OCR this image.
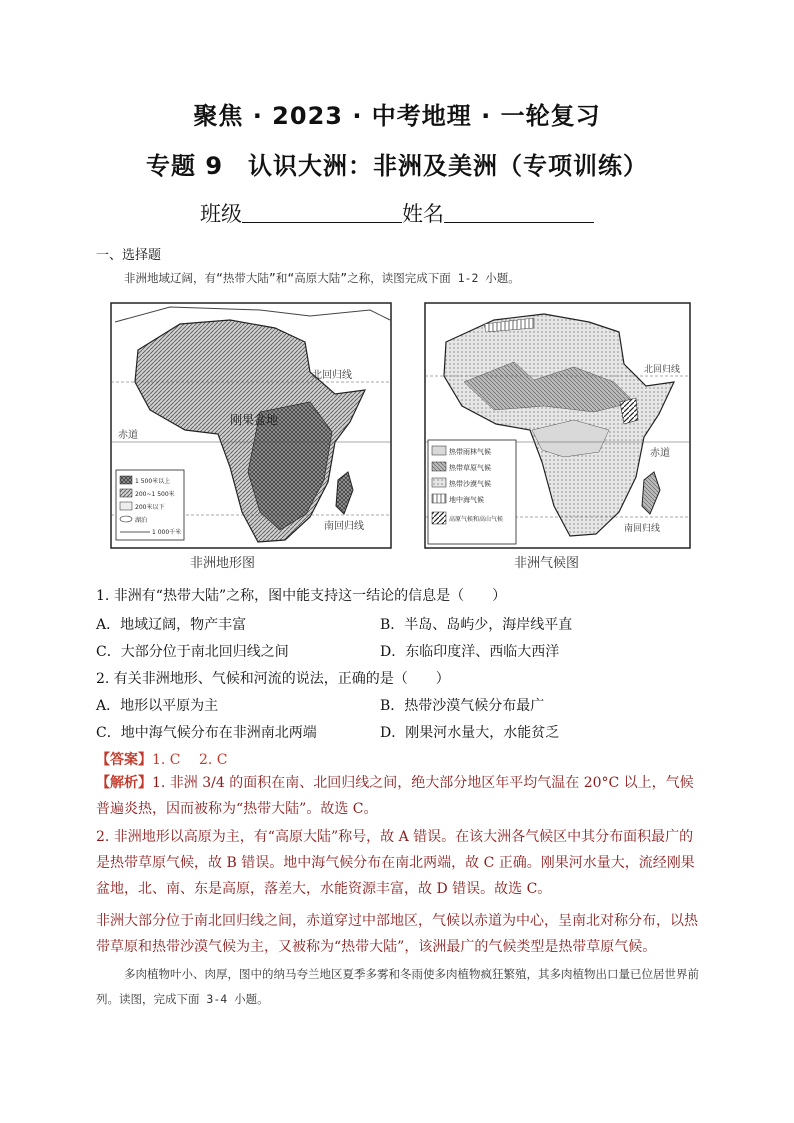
聚焦 · 2023 · 中考地理 · 一轮复习
专题 9　认识大洲：非洲及美洲（专项训练）
班级	姓名
一、选择题
非洲地域辽阔，有“热带大陆”和“高原大陆”之称，读图完成下面 1-2 小题。
北回归线
赤道
南回归线
刚果盆地
1 500米以上
200~1 500米
200米以下
湖泊
1 000千米
非洲地形图
北回归线
赤道
南回归线
热带雨林气候
热带草原气候
热带沙漠气候
地中海气候
高原气候和高山气候
非洲气候图
1. 非洲有“热带大陆”之称，图中能支持这一结论的信息是（　　）
A．地域辽阔，物产丰富	B．半岛、岛屿少，海岸线平直
C．大部分位于南北回归线之间	D．东临印度洋、西临大西洋
2. 有关非洲地形、气候和河流的说法，正确的是（　　）
A．地形以平原为主	B．热带沙漠气候分布最广
C．地中海气候分布在非洲南北两端	D．刚果河水量大，水能贫乏
【答案】1. C　 2. C
【解析】1. 非洲 3/4 的面积在南、北回归线之间，绝大部分地区年平均气温在 20°C 以上，气候普遍炎热，因而被称为“热带大陆”。故选 C。
2. 非洲地形以高原为主，有“高原大陆”称号，故 A 错误。在该大洲各气候区中其分布面积最广的是热带草原气候，故 B 错误。地中海气候分布在南北两端，故 C 正确。刚果河水量大，流经刚果盆地，北、南、东是高原，落差大，水能资源丰富，故 D 错误。故选 C。
非洲大部分位于南北回归线之间，赤道穿过中部地区，气候以赤道为中心，呈南北对称分布，以热带草原和热带沙漠气候为主，又被称为“热带大陆”，该洲最广的气候类型是热带草原气候。
多肉植物叶小、肉厚，图中的纳马夸兰地区夏季多雾和冬雨使多肉植物疯狂繁殖，其多肉植物出口量已位居世界前列。读图，完成下面 3-4 小题。
